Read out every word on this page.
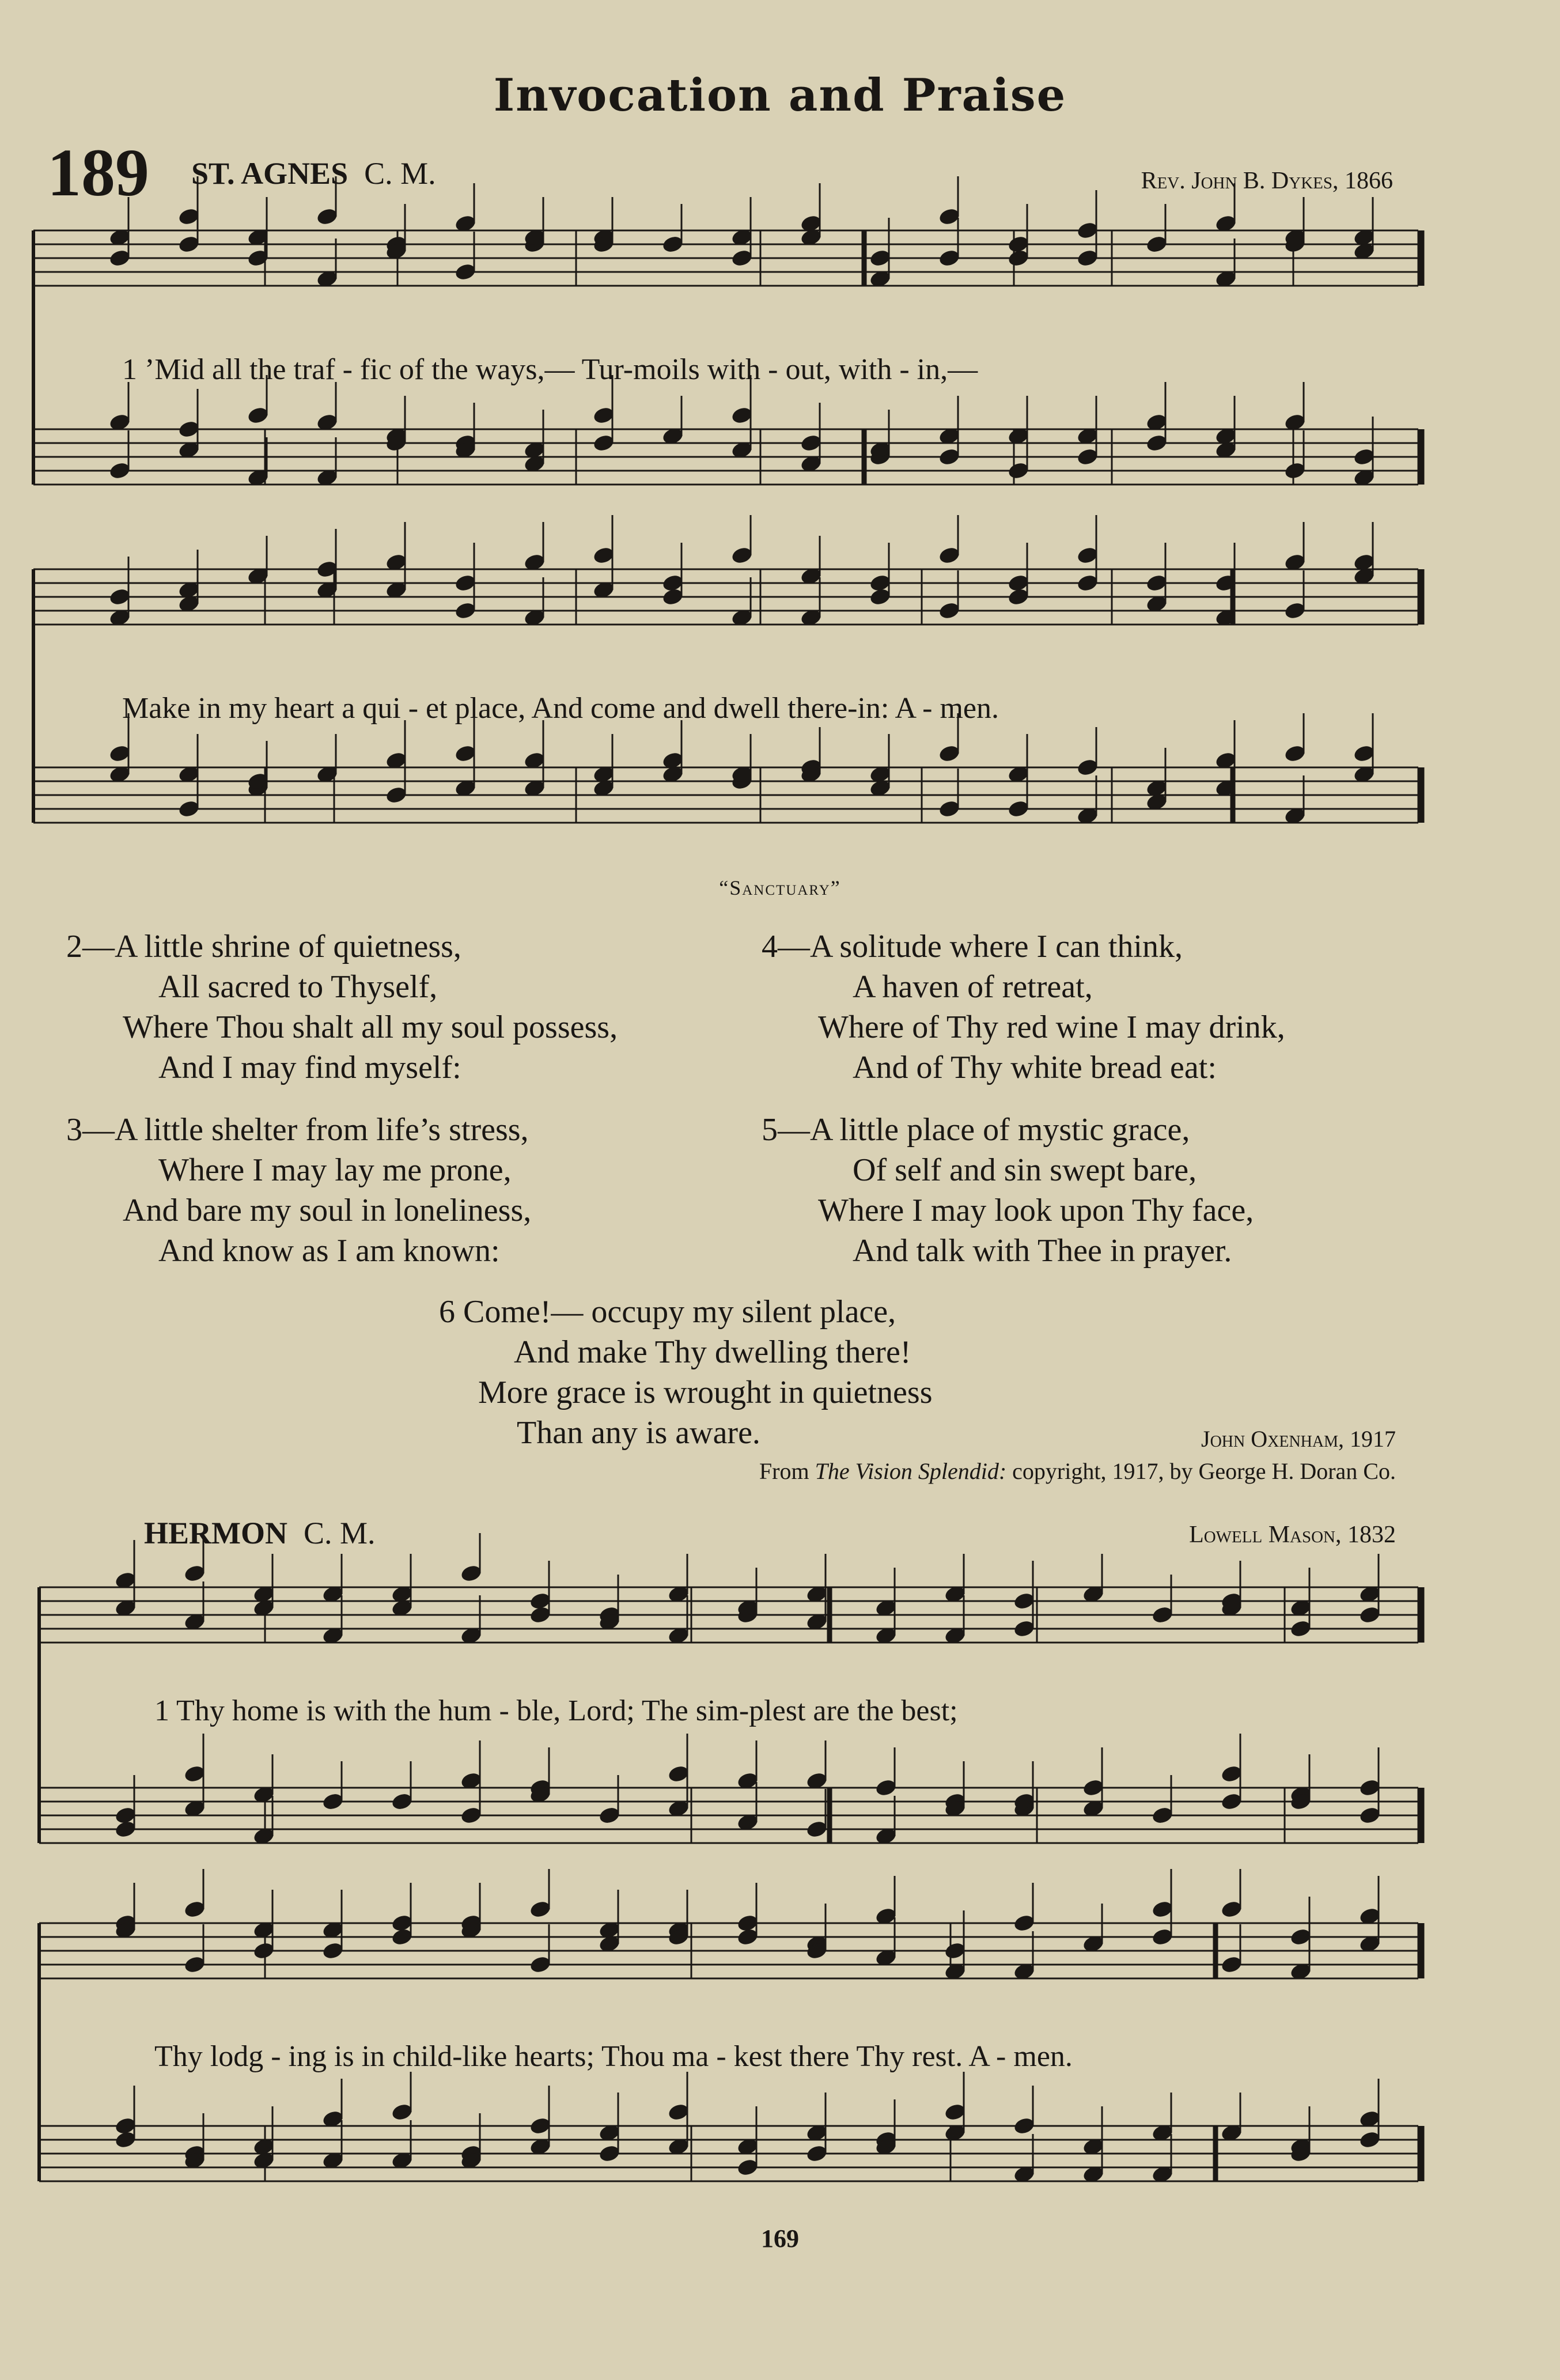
Invocation and Praise
189 ST. AGNES C. M.	Rev. John B. Dykes, 1866
1 ’Mid all the traf - fic of the ways,— Tur-moils with - out, with - in,—
Make in my heart a qui - et place, And come and dwell there-in: A - men.
“Sanctuary”
2—A little shrine of quietness,
All sacred to Thyself,
Where Thou shalt all my soul possess,
And I may find myself:
3—A little shelter from life’s stress,
Where I may lay me prone,
And bare my soul in loneliness,
And know as I am known:
4—A solitude where I can think,
A haven of retreat,
Where of Thy red wine I may drink,
And of Thy white bread eat:
5—A little place of mystic grace,
Of self and sin swept bare,
Where I may look upon Thy face,
And talk with Thee in prayer.
6 Come!— occupy my silent place,
And make Thy dwelling there!
More grace is wrought in quietness
Than any is aware.	John Oxenham, 1917
From The Vision Splendid: copyright, 1917, by George H. Doran Co.
HERMON C. M.	Lowell Mason, 1832
1 Thy home is with the hum - ble, Lord; The sim-plest are the best;
Thy lodg - ing is in child-like hearts; Thou ma - kest there Thy rest. A - men.
169
